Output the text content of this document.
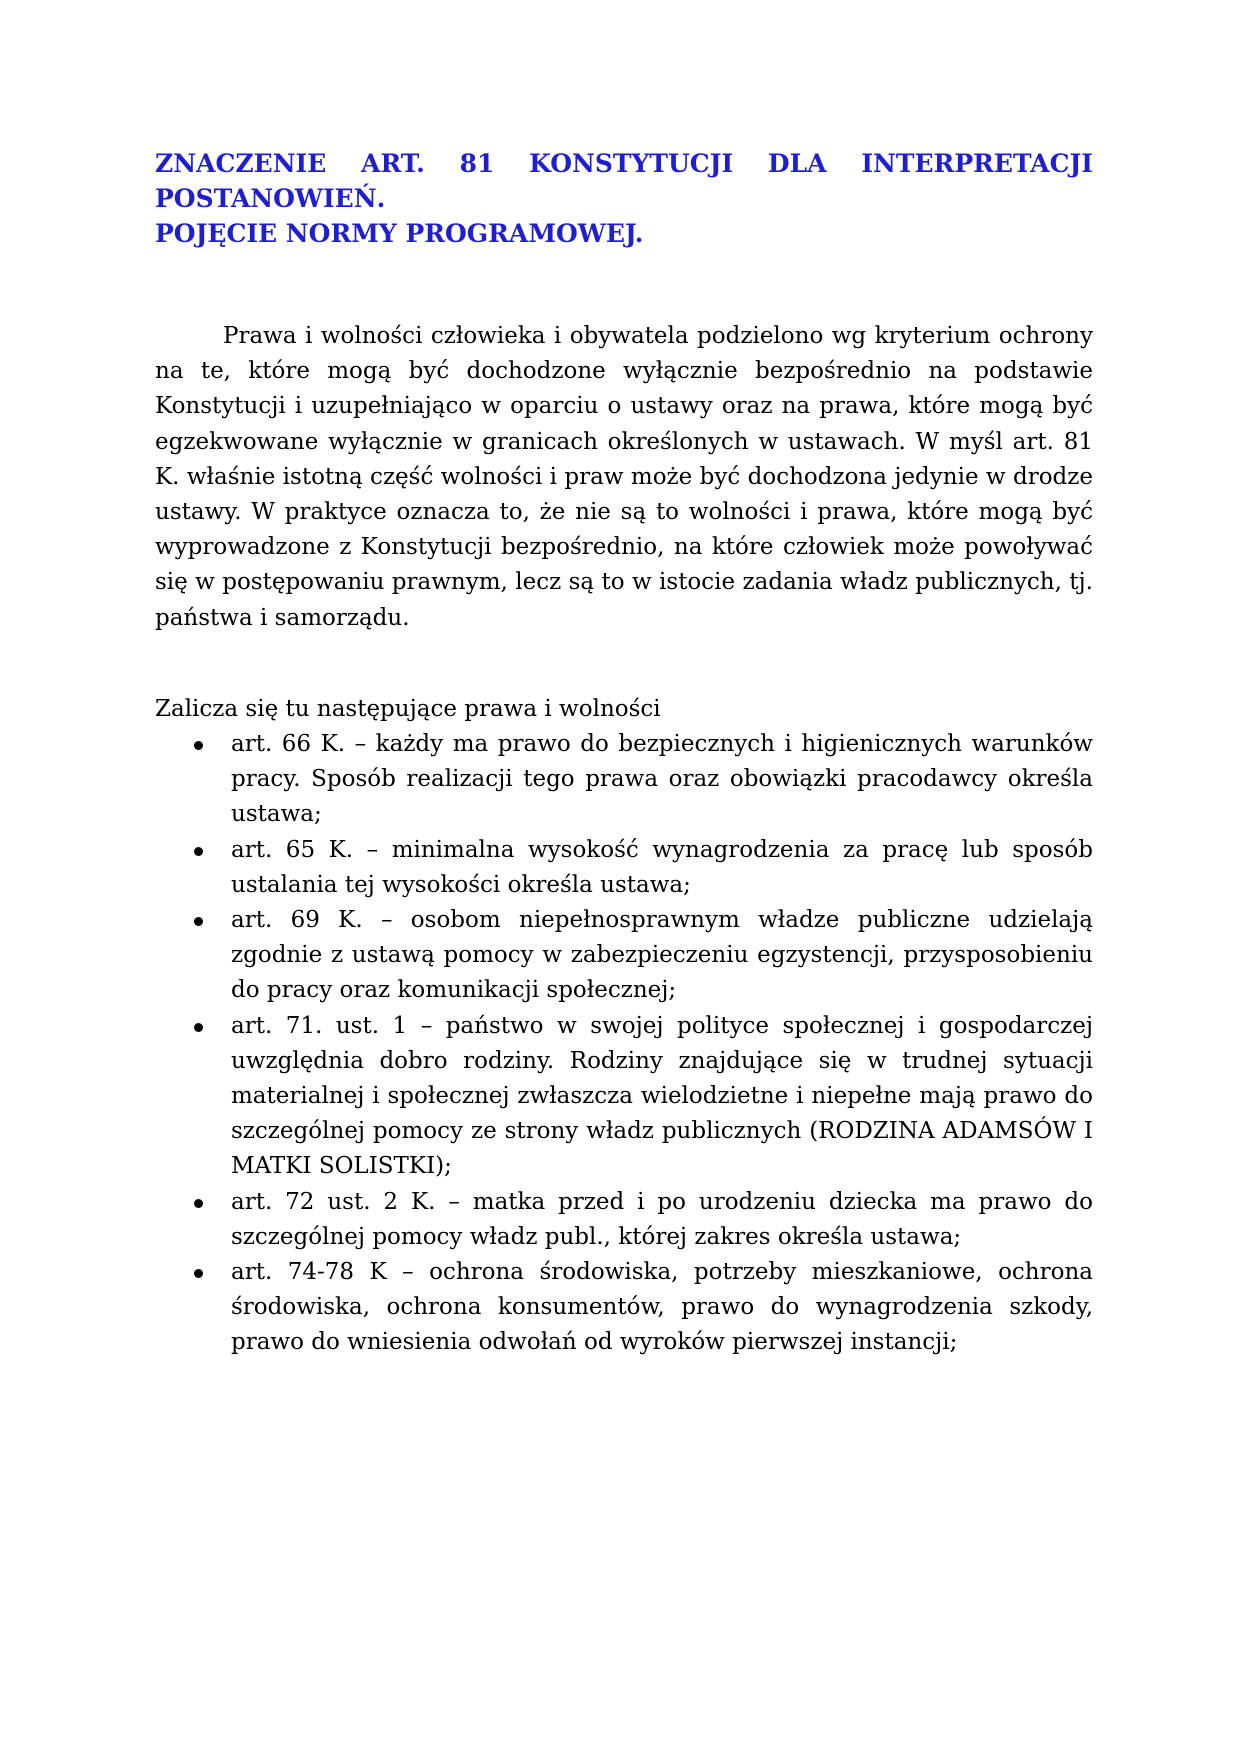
ZNACZENIE ART. 81 KONSTYTUCJI DLA INTERPRETACJI
POSTANOWIEŃ.
POJĘCIE NORMY PROGRAMOWEJ.

Prawa i wolności człowieka i obywatela podzielono wg kryterium ochrony na te, które mogą być dochodzone wyłącznie bezpośrednio na podstawie Konstytucji i uzupełniająco w oparciu o ustawy oraz na prawa, które mogą być egzekwowane wyłącznie w granicach określonych w ustawach. W myśl art. 81 K. właśnie istotną część wolności i praw może być dochodzona jedynie w drodze ustawy. W praktyce oznacza to, że nie są to wolności i prawa, które mogą być wyprowadzone z Konstytucji bezpośrednio, na które człowiek może powoływać się w postępowaniu prawnym, lecz są to w istocie zadania władz publicznych, tj. państwa i samorządu.

Zalicza się tu następujące prawa i wolności

art. 66 K. – każdy ma prawo do bezpiecznych i higienicznych warunków pracy. Sposób realizacji tego prawa oraz obowiązki pracodawcy określa ustawa;
art. 65 K. – minimalna wysokość wynagrodzenia za pracę lub sposób ustalania tej wysokości określa ustawa;
art. 69 K. – osobom niepełnosprawnym władze publiczne udzielają zgodnie z ustawą pomocy w zabezpieczeniu egzystencji, przysposobieniu do pracy oraz komunikacji społecznej;
art. 71. ust. 1 – państwo w swojej polityce społecznej i gospodarczej uwzględnia dobro rodziny. Rodziny znajdujące się w trudnej sytuacji materialnej i społecznej zwłaszcza wielodzietne i niepełne mają prawo do szczególnej pomocy ze strony władz publicznych (RODZINA ADAMSÓW I MATKI SOLISTKI);
art. 72 ust. 2 K. – matka przed i po urodzeniu dziecka ma prawo do szczególnej pomocy władz publ., której zakres określa ustawa;
art. 74-78 K – ochrona środowiska, potrzeby mieszkaniowe, ochrona środowiska, ochrona konsumentów, prawo do wynagrodzenia szkody, prawo do wniesienia odwołań od wyroków pierwszej instancji;
